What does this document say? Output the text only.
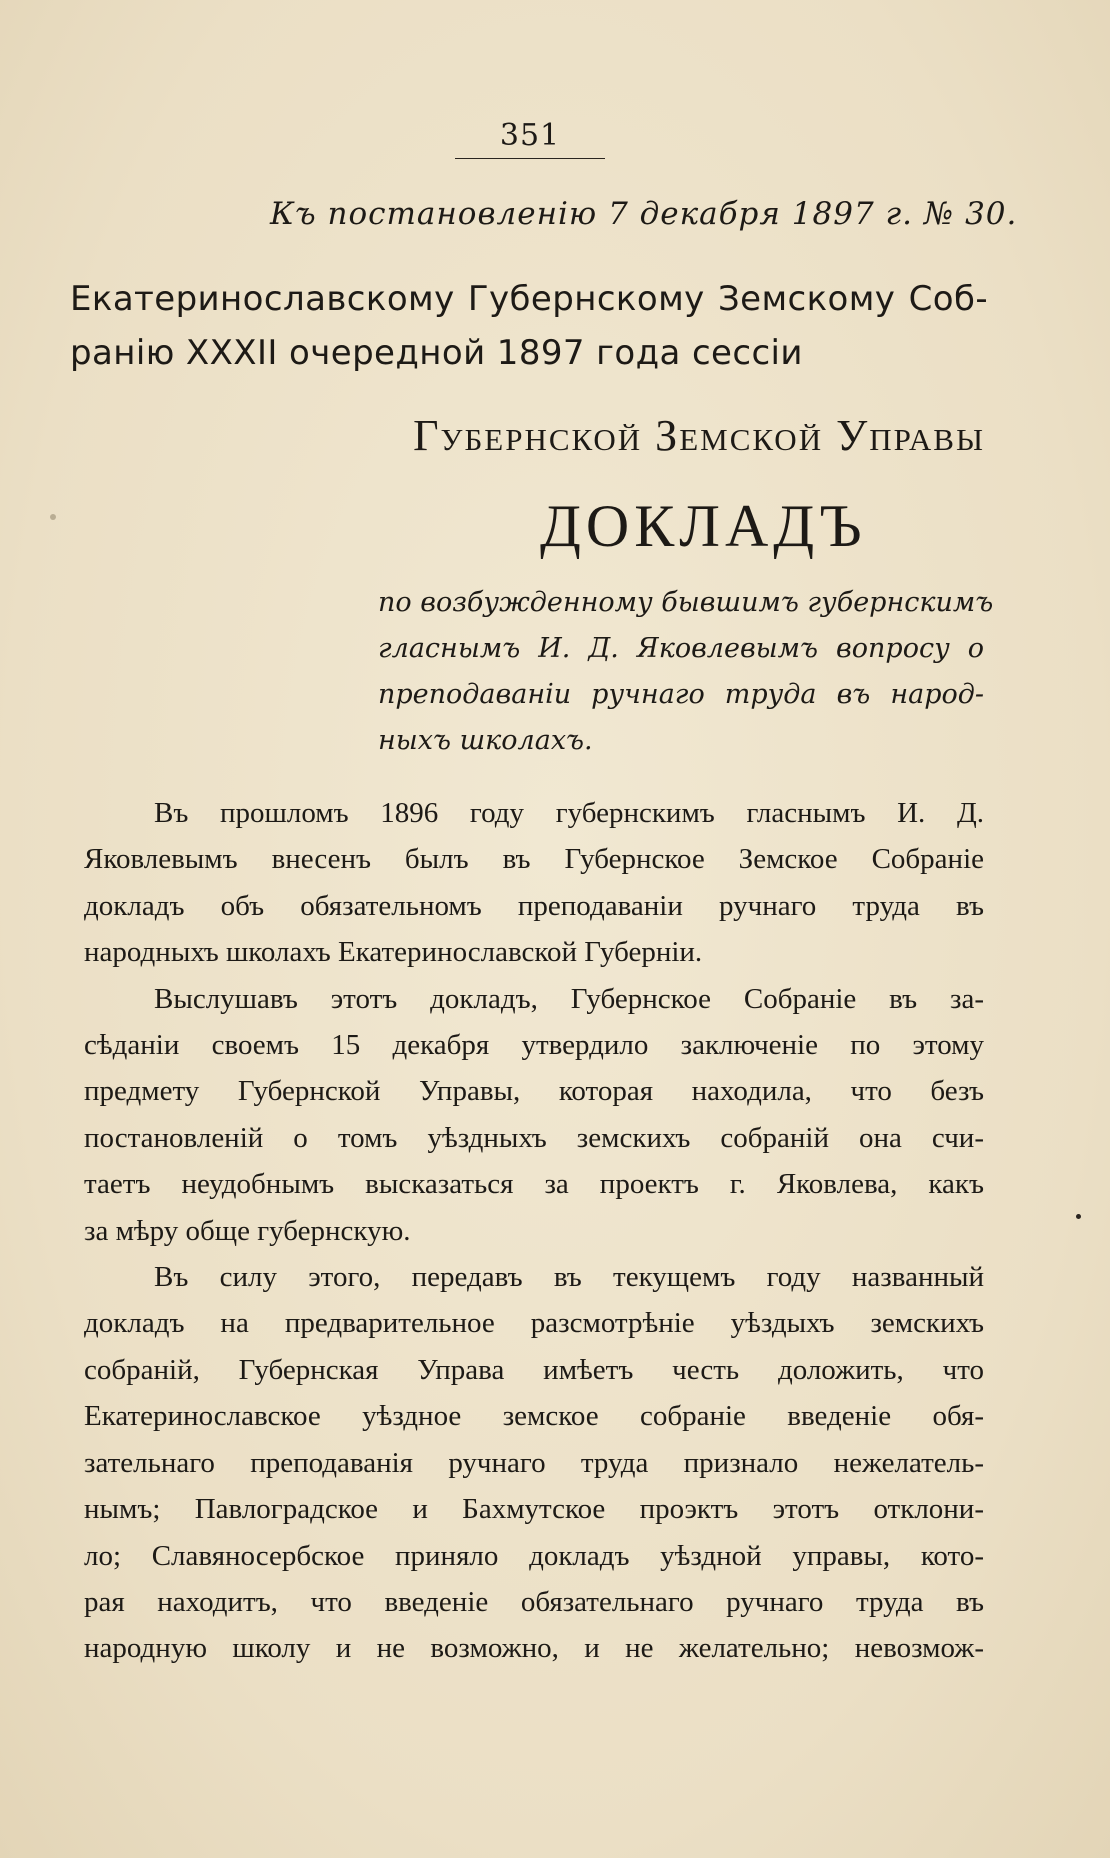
351
Къ постановленiю 7 декабря 1897 г. № 30.
Екатеринославскому Губернскому Земскому Соб-
ранію XXXII очередной 1897 года сессіи
Губернской Земской Управы
ДОКЛАДЪ
по возбужденному бывшимъ губернскимъ
гласнымъ И. Д. Яковлевымъ вопросу о
преподаванiи ручнаго труда въ народ-
ныхъ школахъ.
Въ прошломъ 1896 году губернскимъ гласнымъ И. Д.
Яковлевымъ внесенъ былъ въ Губернское Земское Собраніе
докладъ объ обязательномъ преподаваніи ручнаго труда въ
народныхъ школахъ Екатеринославской Губерніи.
Выслушавъ этотъ докладъ, Губернское Собраніе въ за-
сѣданіи своемъ 15 декабря утвердило заключеніе по этому
предмету Губернской Управы, которая находила, что безъ
постановленій о томъ уѣздныхъ земскихъ собраній она счи-
таетъ неудобнымъ высказаться за проектъ г. Яковлева, какъ
за мѣру обще губернскую.
Въ силу этого, передавъ въ текущемъ году названный
докладъ на предварительное разсмотрѣніе уѣздыхъ земскихъ
собраній, Губернская Управа имѣетъ честь доложить, что
Екатеринославское уѣздное земское собраніе введеніе обя-
зательнаго преподаванія ручнаго труда признало нежелатель-
нымъ; Павлоградское и Бахмутское проэктъ этотъ отклони-
ло; Славяносербское приняло докладъ уѣздной управы, кото-
рая находитъ, что введеніе обязательнаго ручнаго труда въ
народную школу и не возможно, и не желательно; невозмож-
